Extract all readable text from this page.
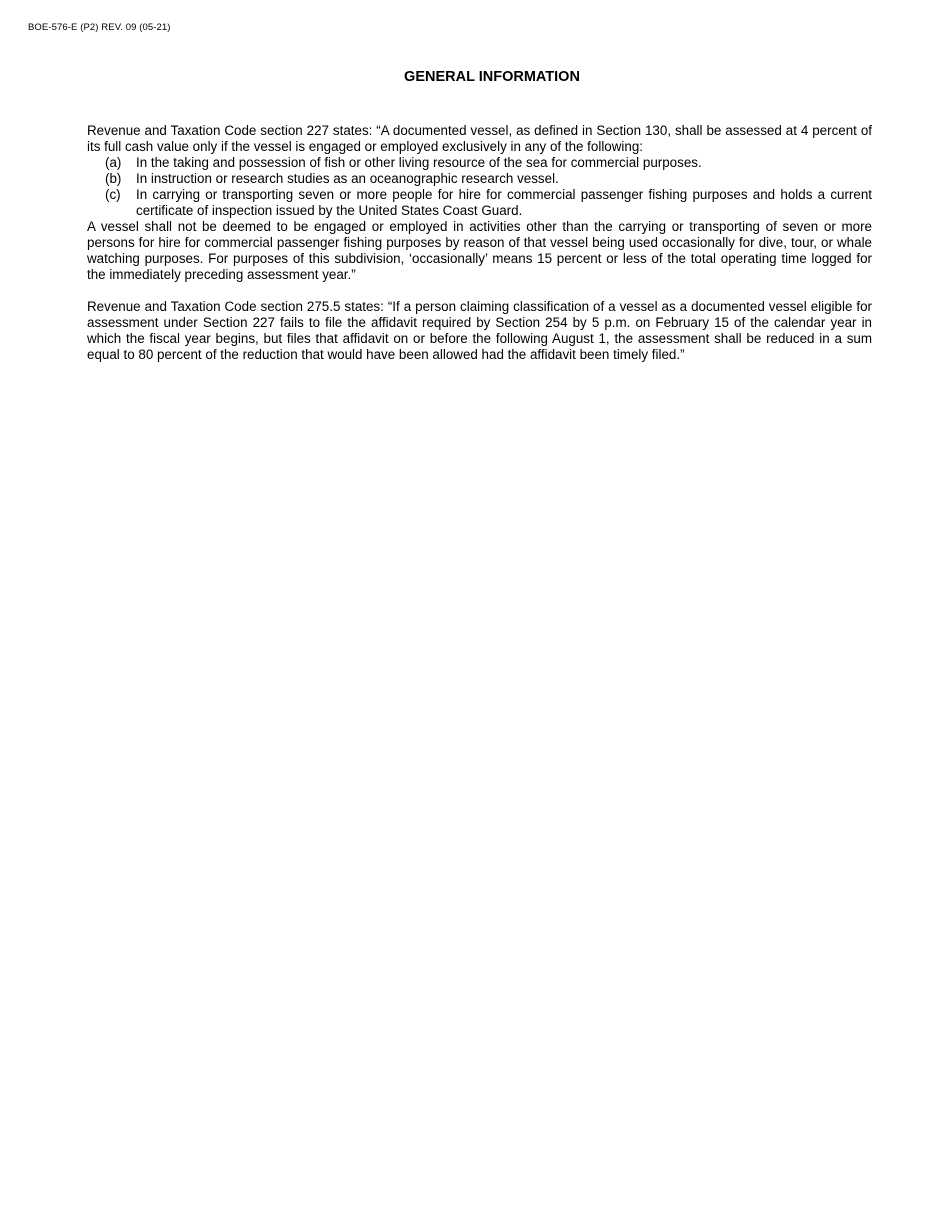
BOE-576-E (P2) REV. 09 (05-21)
GENERAL INFORMATION

Revenue and Taxation Code section 227 states: “A documented vessel, as defined in Section 130, shall be assessed at 4 percent of its full cash value only if the vessel is engaged or employed exclusively in any of the following:

(a)	In the taking and possession of fish or other living resource of the sea for commercial purposes.
(b)	In instruction or research studies as an oceanographic research vessel.
(c)	In carrying or transporting seven or more people for hire for commercial passenger fishing purposes and holds a current certificate of inspection issued by the United States Coast Guard.

A vessel shall not be deemed to be engaged or employed in activities other than the carrying or transporting of seven or more persons for hire for commercial passenger fishing purposes by reason of that vessel being used occasionally for dive, tour, or whale watching purposes. For purposes of this subdivision, ‘occasionally’ means 15 percent or less of the total operating time logged for the immediately preceding assessment year.”

Revenue and Taxation Code section 275.5 states: “If a person claiming classification of a vessel as a documented vessel eligible for assessment under Section 227 fails to file the affidavit required by Section 254 by 5 p.m. on February 15 of the calendar year in which the fiscal year begins, but files that affidavit on or before the following August 1, the assessment shall be reduced in a sum equal to 80 percent of the reduction that would have been allowed had the affidavit been timely filed.”
